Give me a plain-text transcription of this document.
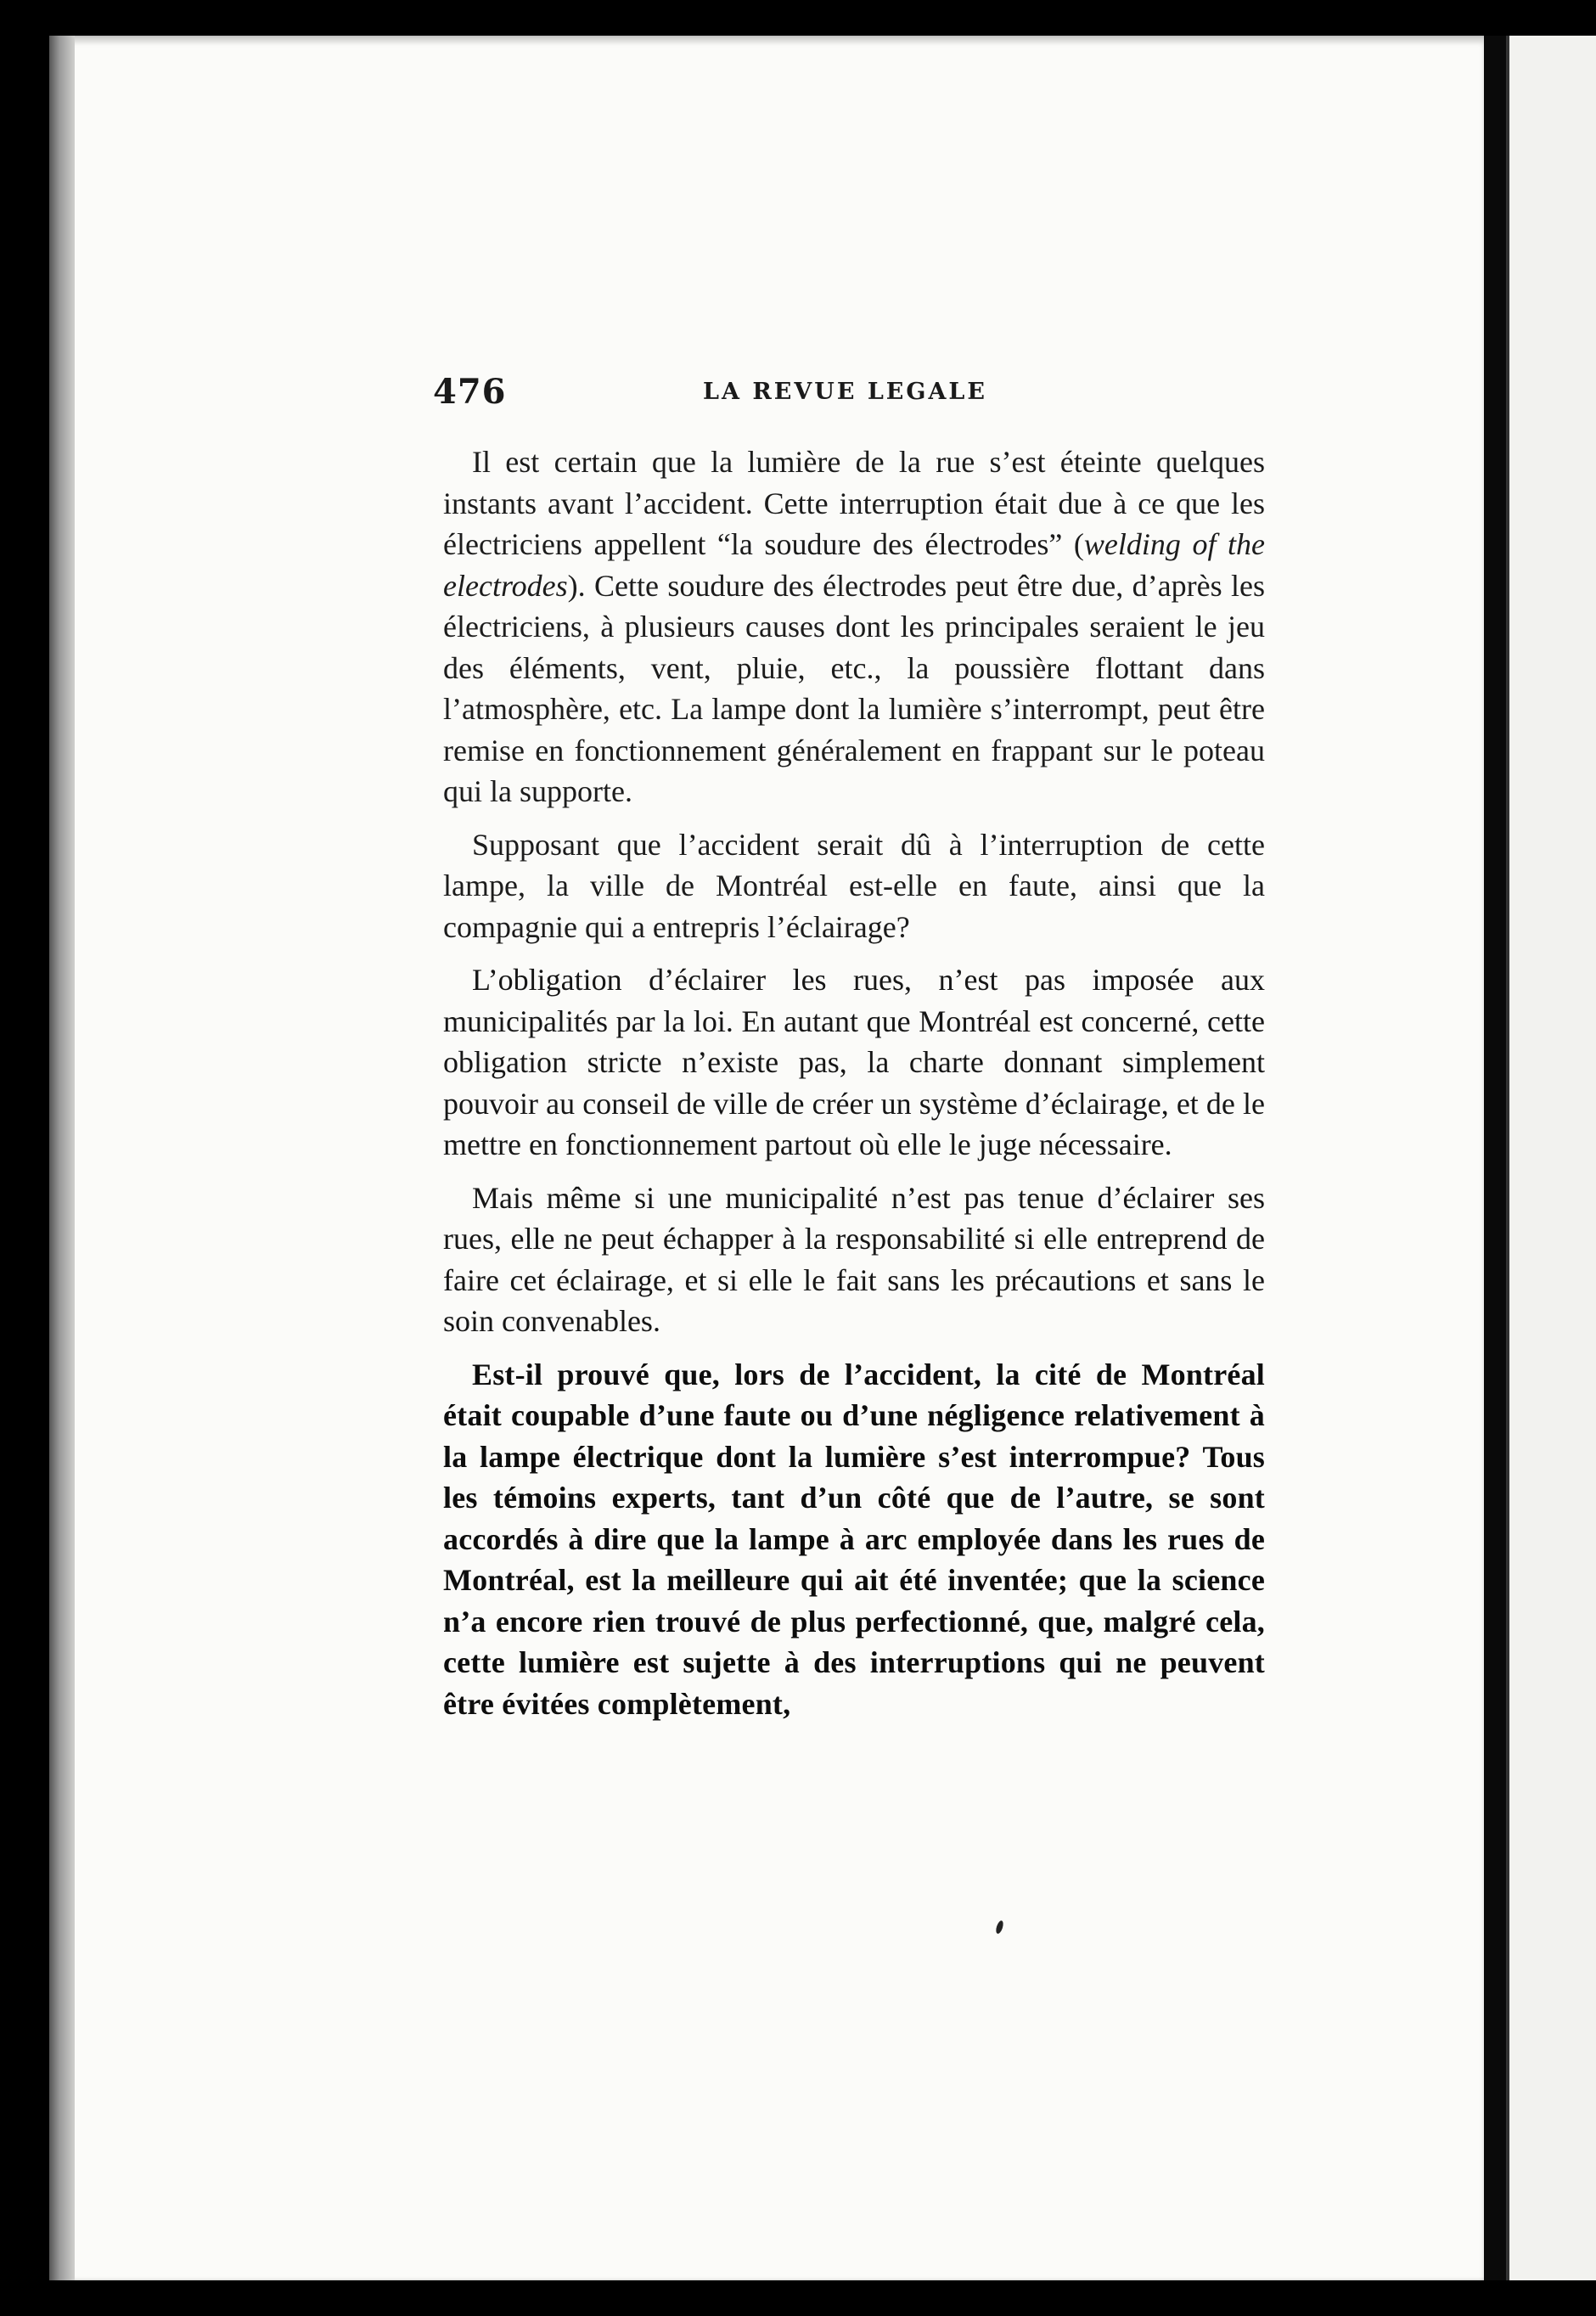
476	LA REVUE LEGALE

Il est certain que la lumière de la rue s’est éteinte quelques instants avant l’accident. Cette interruption était due à ce que les électriciens appellent “la soudure des électrodes” (welding of the electrodes). Cette soudure des électrodes peut être due, d’après les électriciens, à plusieurs causes dont les principales seraient le jeu des éléments, vent, pluie, etc., la poussière flottant dans l’atmosphère, etc. La lampe dont la lumière s’interrompt, peut être remise en fonctionnement généralement en frappant sur le poteau qui la supporte.

Supposant que l’accident serait dû à l’interruption de cette lampe, la ville de Montréal est-elle en faute, ainsi que la compagnie qui a entrepris l’éclairage?

L’obligation d’éclairer les rues, n’est pas imposée aux municipalités par la loi. En autant que Montréal est concerné, cette obligation stricte n’existe pas, la charte donnant simplement pouvoir au conseil de ville de créer un système d’éclairage, et de le mettre en fonctionnement partout où elle le juge nécessaire.

Mais même si une municipalité n’est pas tenue d’éclairer ses rues, elle ne peut échapper à la responsabilité si elle entreprend de faire cet éclairage, et si elle le fait sans les précautions et sans le soin convenables.

Est-il prouvé que, lors de l’accident, la cité de Montréal était coupable d’une faute ou d’une négligence relativement à la lampe électrique dont la lumière s’est interrompue? Tous les témoins experts, tant d’un côté que de l’autre, se sont accordés à dire que la lampe à arc employée dans les rues de Montréal, est la meilleure qui ait été inventée; que la science n’a encore rien trouvé de plus perfectionné, que, malgré cela, cette lumière est sujette à des interruptions qui ne peuvent être évitées complètement,
